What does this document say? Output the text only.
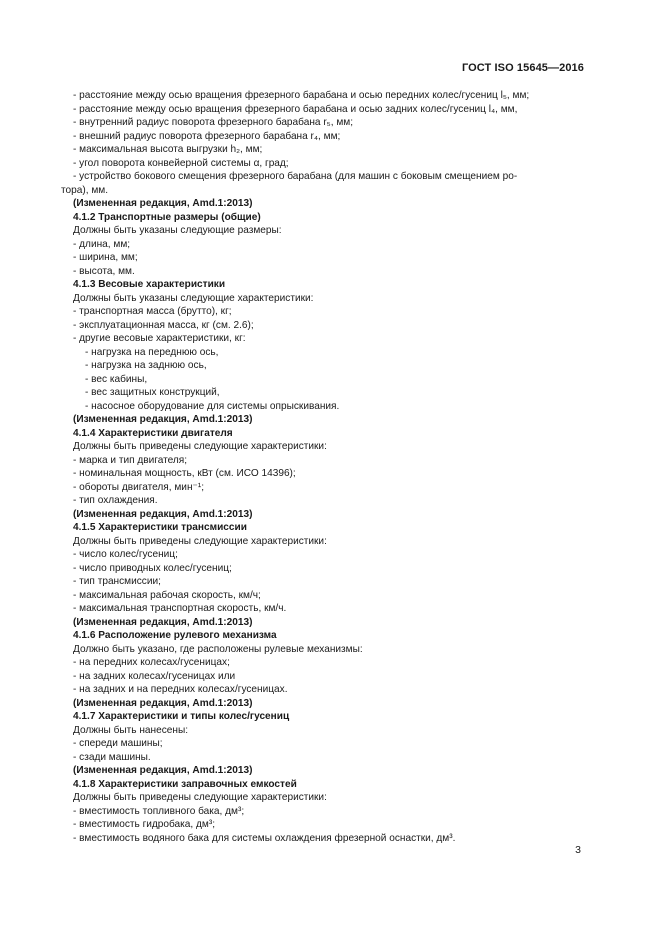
ГОСТ ISO 15645—2016
- расстояние между осью вращения фрезерного барабана и осью передних колес/гусениц l₅, мм;
- расстояние между осью вращения фрезерного барабана и осью задних колес/гусениц l₄, мм,
- внутренний радиус поворота фрезерного барабана r₅, мм;
- внешний радиус поворота фрезерного барабана r₄, мм;
- максимальная высота выгрузки h₂, мм;
- угол поворота конвейерной системы α, град;
- устройство бокового смещения фрезерного барабана (для машин с боковым смещением ро-
тора), мм.
(Измененная редакция, Amd.1:2013)
4.1.2 Транспортные размеры (общие)
Должны быть указаны следующие размеры:
- длина, мм;
- ширина, мм;
- высота, мм.
4.1.3 Весовые характеристики
Должны быть указаны следующие характеристики:
- транспортная масса (брутто), кг;
- эксплуатационная масса, кг (см. 2.6);
- другие весовые характеристики, кг:
- нагрузка на переднюю ось,
- нагрузка на заднюю ось,
- вес кабины,
- вес защитных конструкций,
- насосное оборудование для системы опрыскивания.
(Измененная редакция, Amd.1:2013)
4.1.4 Характеристики двигателя
Должны быть приведены следующие характеристики:
- марка и тип двигателя;
- номинальная мощность, кВт (см. ИСО 14396);
- обороты двигателя, мин⁻¹;
- тип охлаждения.
(Измененная редакция, Amd.1:2013)
4.1.5 Характеристики трансмиссии
Должны быть приведены следующие характеристики:
- число колес/гусениц;
- число приводных колес/гусениц;
- тип трансмиссии;
- максимальная рабочая скорость, км/ч;
- максимальная транспортная скорость, км/ч.
(Измененная редакция, Amd.1:2013)
4.1.6 Расположение рулевого механизма
Должно быть указано, где расположены рулевые механизмы:
- на передних колесах/гусеницах;
- на задних колесах/гусеницах или
- на задних и на передних колесах/гусеницах.
(Измененная редакция, Amd.1:2013)
4.1.7 Характеристики и типы колес/гусениц
Должны быть нанесены:
- спереди машины;
- сзади машины.
(Измененная редакция, Amd.1:2013)
4.1.8 Характеристики заправочных емкостей
Должны быть приведены следующие характеристики:
- вместимость топливного бака, дм³;
- вместимость гидробака, дм³;
- вместимость водяного бака для системы охлаждения фрезерной оснастки, дм³.
3
